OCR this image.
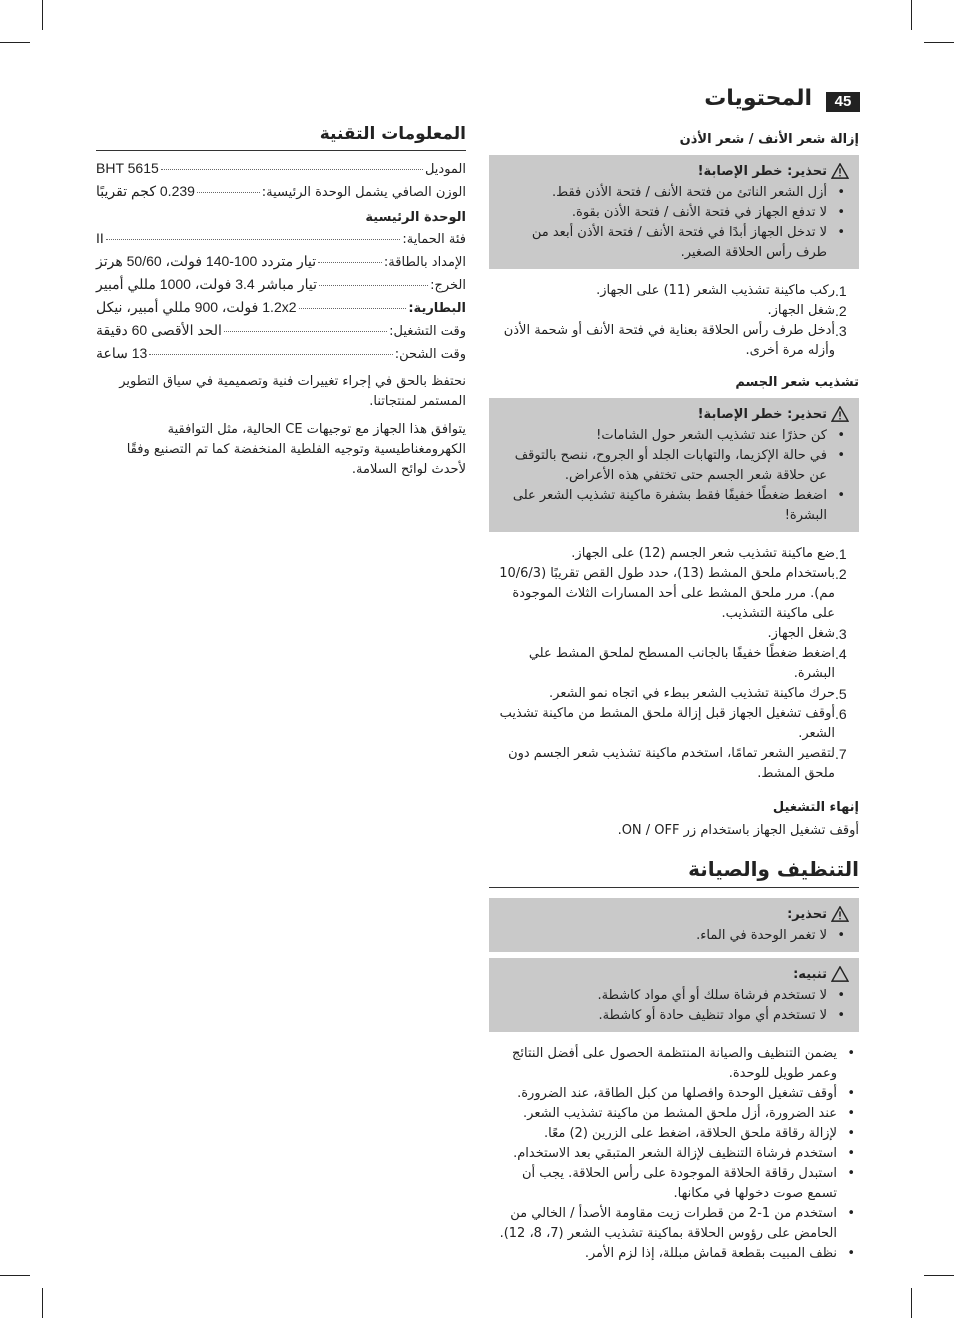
45
المحتويات
المعلومات التقنية
الموديل
BHT 5615
الوزن الصافي يشمل الوحدة الرئيسية:
0.239 كجم تقريبًا
الوحدة الرئيسية
فئة الحماية:
II
الإمداد بالطاقة:
تيار متردد 100-140 فولت، 50/60 هرتز
الخرج:
تيار مباشر 3.4 فولت، 1000 مللي أمبير
البطارية:
1.2x2 فولت، 900 مللي أمبير، نيكل
وقت التشغيل:
الحد الأقصى 60 دقيقة
وقت الشحن:
13 ساعة

نحتفظ بالحق في إجراء تغييرات فنية وتصميمية في سياق التطوير المستمر لمنتجاتنا.

يتوافق هذا الجهاز مع توجيهات CE الحالية، مثل التوافقية الكهرومغناطيسية وتوجيه الفلطية المنخفضة كما تم التصنيع وفقًا لأحدث لوائح السلامة.

إزالة شعر الأنف / شعر الأذن
تحذير: خطر الإصابة!
• أزل الشعر الناتئ من فتحة الأنف / فتحة الأذن فقط.
• لا تدفع الجهاز في فتحة الأنف / فتحة الأذن بقوة.
• لا تدخل الجهاز أبدًا في فتحة الأنف / فتحة الأذن أبعد من طرف رأس الحلاقة الصغير.
1.
ركب ماكينة تشذيب الشعر (11) على الجهاز.
2.
شغل الجهاز.
3.
أدخل طرف رأس الحلاقة بعناية في فتحة الأنف أو شحمة الأذن وأزله مرة أخرى.
تشذيب شعر الجسم
تحذير: خطر الإصابة!
• كن حذرًا عند تشذيب الشعر حول الشامات!
• في حالة الإكزيما، والتهابات الجلد أو الجروح، ننصح بالتوقف عن حلاقة شعر الجسم حتى تختفي هذه الأعراض.
• اضغط ضغطًا خفيفًا فقط بشفرة ماكينة تشذيب الشعر على البشرة!
1.
ضع ماكينة تشذيب شعر الجسم (12) على الجهاز.
2.
باستخدام ملحق المشط (13)، حدد طول القص تقريبًا (10/6/3 مم). مرر ملحق المشط على أحد المسارات الثلاث الموجودة على ماكينة التشذيب.
3.
شغل الجهاز.
4.
اضغط ضغطًا خفيفًا بالجانب المسطح لملحق المشط علي البشرة.
5.
حرك ماكينة تشذيب الشعر ببطء في اتجاه نمو الشعر.
6.
أوقف تشغيل الجهاز قبل إزالة ملحق المشط من ماكينة تشذيب الشعر.
7.
لتقصير الشعر تمامًا، استخدم ماكينة تشذيب شعر الجسم دون ملحق المشط.
إنهاء التشغيل
أوقف تشغيل الجهاز باستخدام زر ON / OFF.
التنظيف والصيانة
تحذير:
• لا تغمر الوحدة في الماء.
تنبيه:
• لا تستخدم فرشاة سلك أو أي مواد كاشطة.
• لا تستخدم أي مواد تنظيف حادة أو كاشطة.
• يضمن التنظيف والصيانة المنتظمة الحصول على أفضل النتائج وعمر طويل للوحدة.
• أوقف تشغيل الوحدة وافصلها من كبل الطاقة، عند الضرورة.
• عند الضرورة، أزل ملحق المشط من ماكينة تشذيب الشعر.
• لإزالة رقاقة ملحق الحلاقة، اضغط على الزرين (2) معًا.
• استخدم فرشاة التنظيف لإزالة الشعر المتبقي بعد الاستخدام.
• استبدل رقاقة الحلاقة الموجودة على رأس الحلاقة. يجب أن تسمع صوت دخولها في مكانها.
• استخدم من 1-2 من قطرات زيت مقاومة الأصدأ / الخالي من الحامض على رؤوس الحلاقة بماكينة تشذيب الشعر (7، 8، 12).
• نظف المبيت بقطعة قماش مبللة، إذا لزم الأمر.
